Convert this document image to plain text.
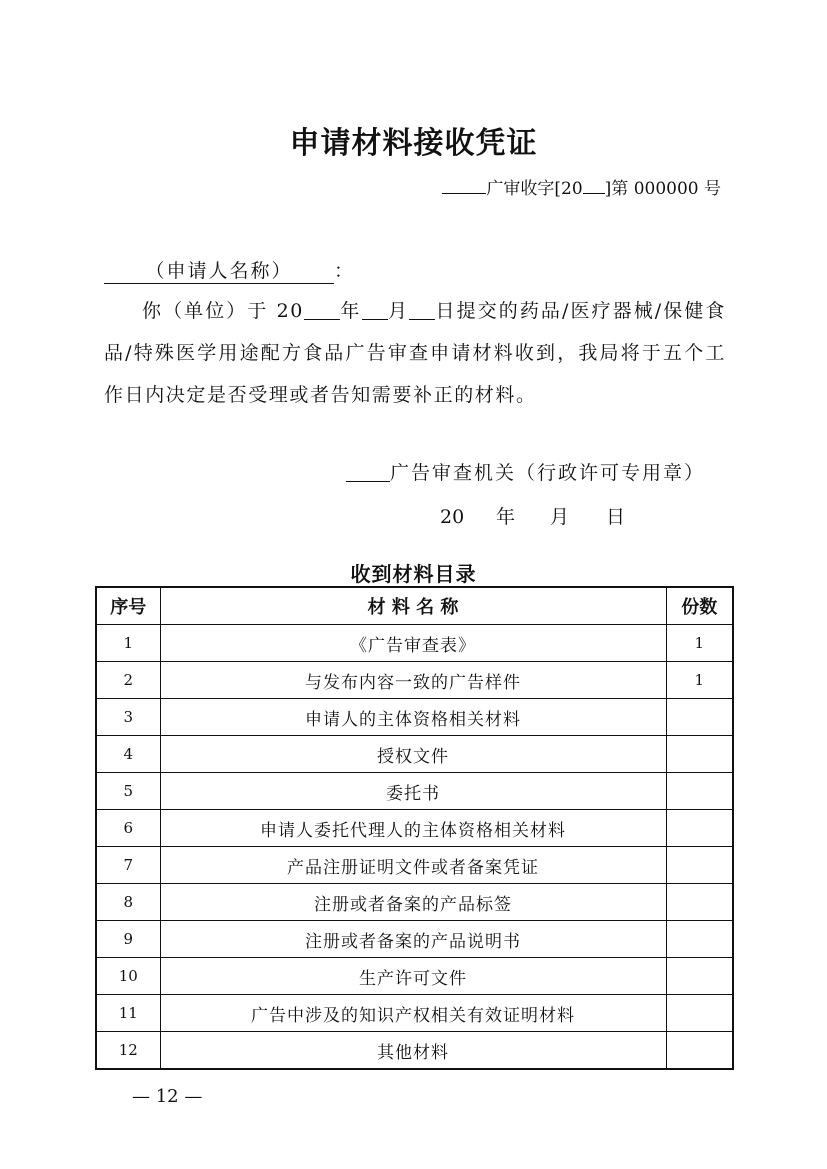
申请材料接收凭证
广审收字[20 ]第 000000 号
（申请人名称） ：
你（单位）于 20 年 月 日提交的药品/医疗器械/保健食品/特殊医学用途配方食品广告审查申请材料收到，我局将于五个工作日内决定是否受理或者告知需要补正的材料。
广告审查机关（行政许可专用章）
20 年 月 日
收到材料目录
序号	材 料 名 称	份数
1	《广告审查表》	1
2	与发布内容一致的广告样件	1
3	申请人的主体资格相关材料	
4	授权文件	
5	委托书	
6	申请人委托代理人的主体资格相关材料	
7	产品注册证明文件或者备案凭证	
8	注册或者备案的产品标签	
9	注册或者备案的产品说明书	
10	生产许可文件	
11	广告中涉及的知识产权相关有效证明材料	
12	其他材料	
— 12 —
